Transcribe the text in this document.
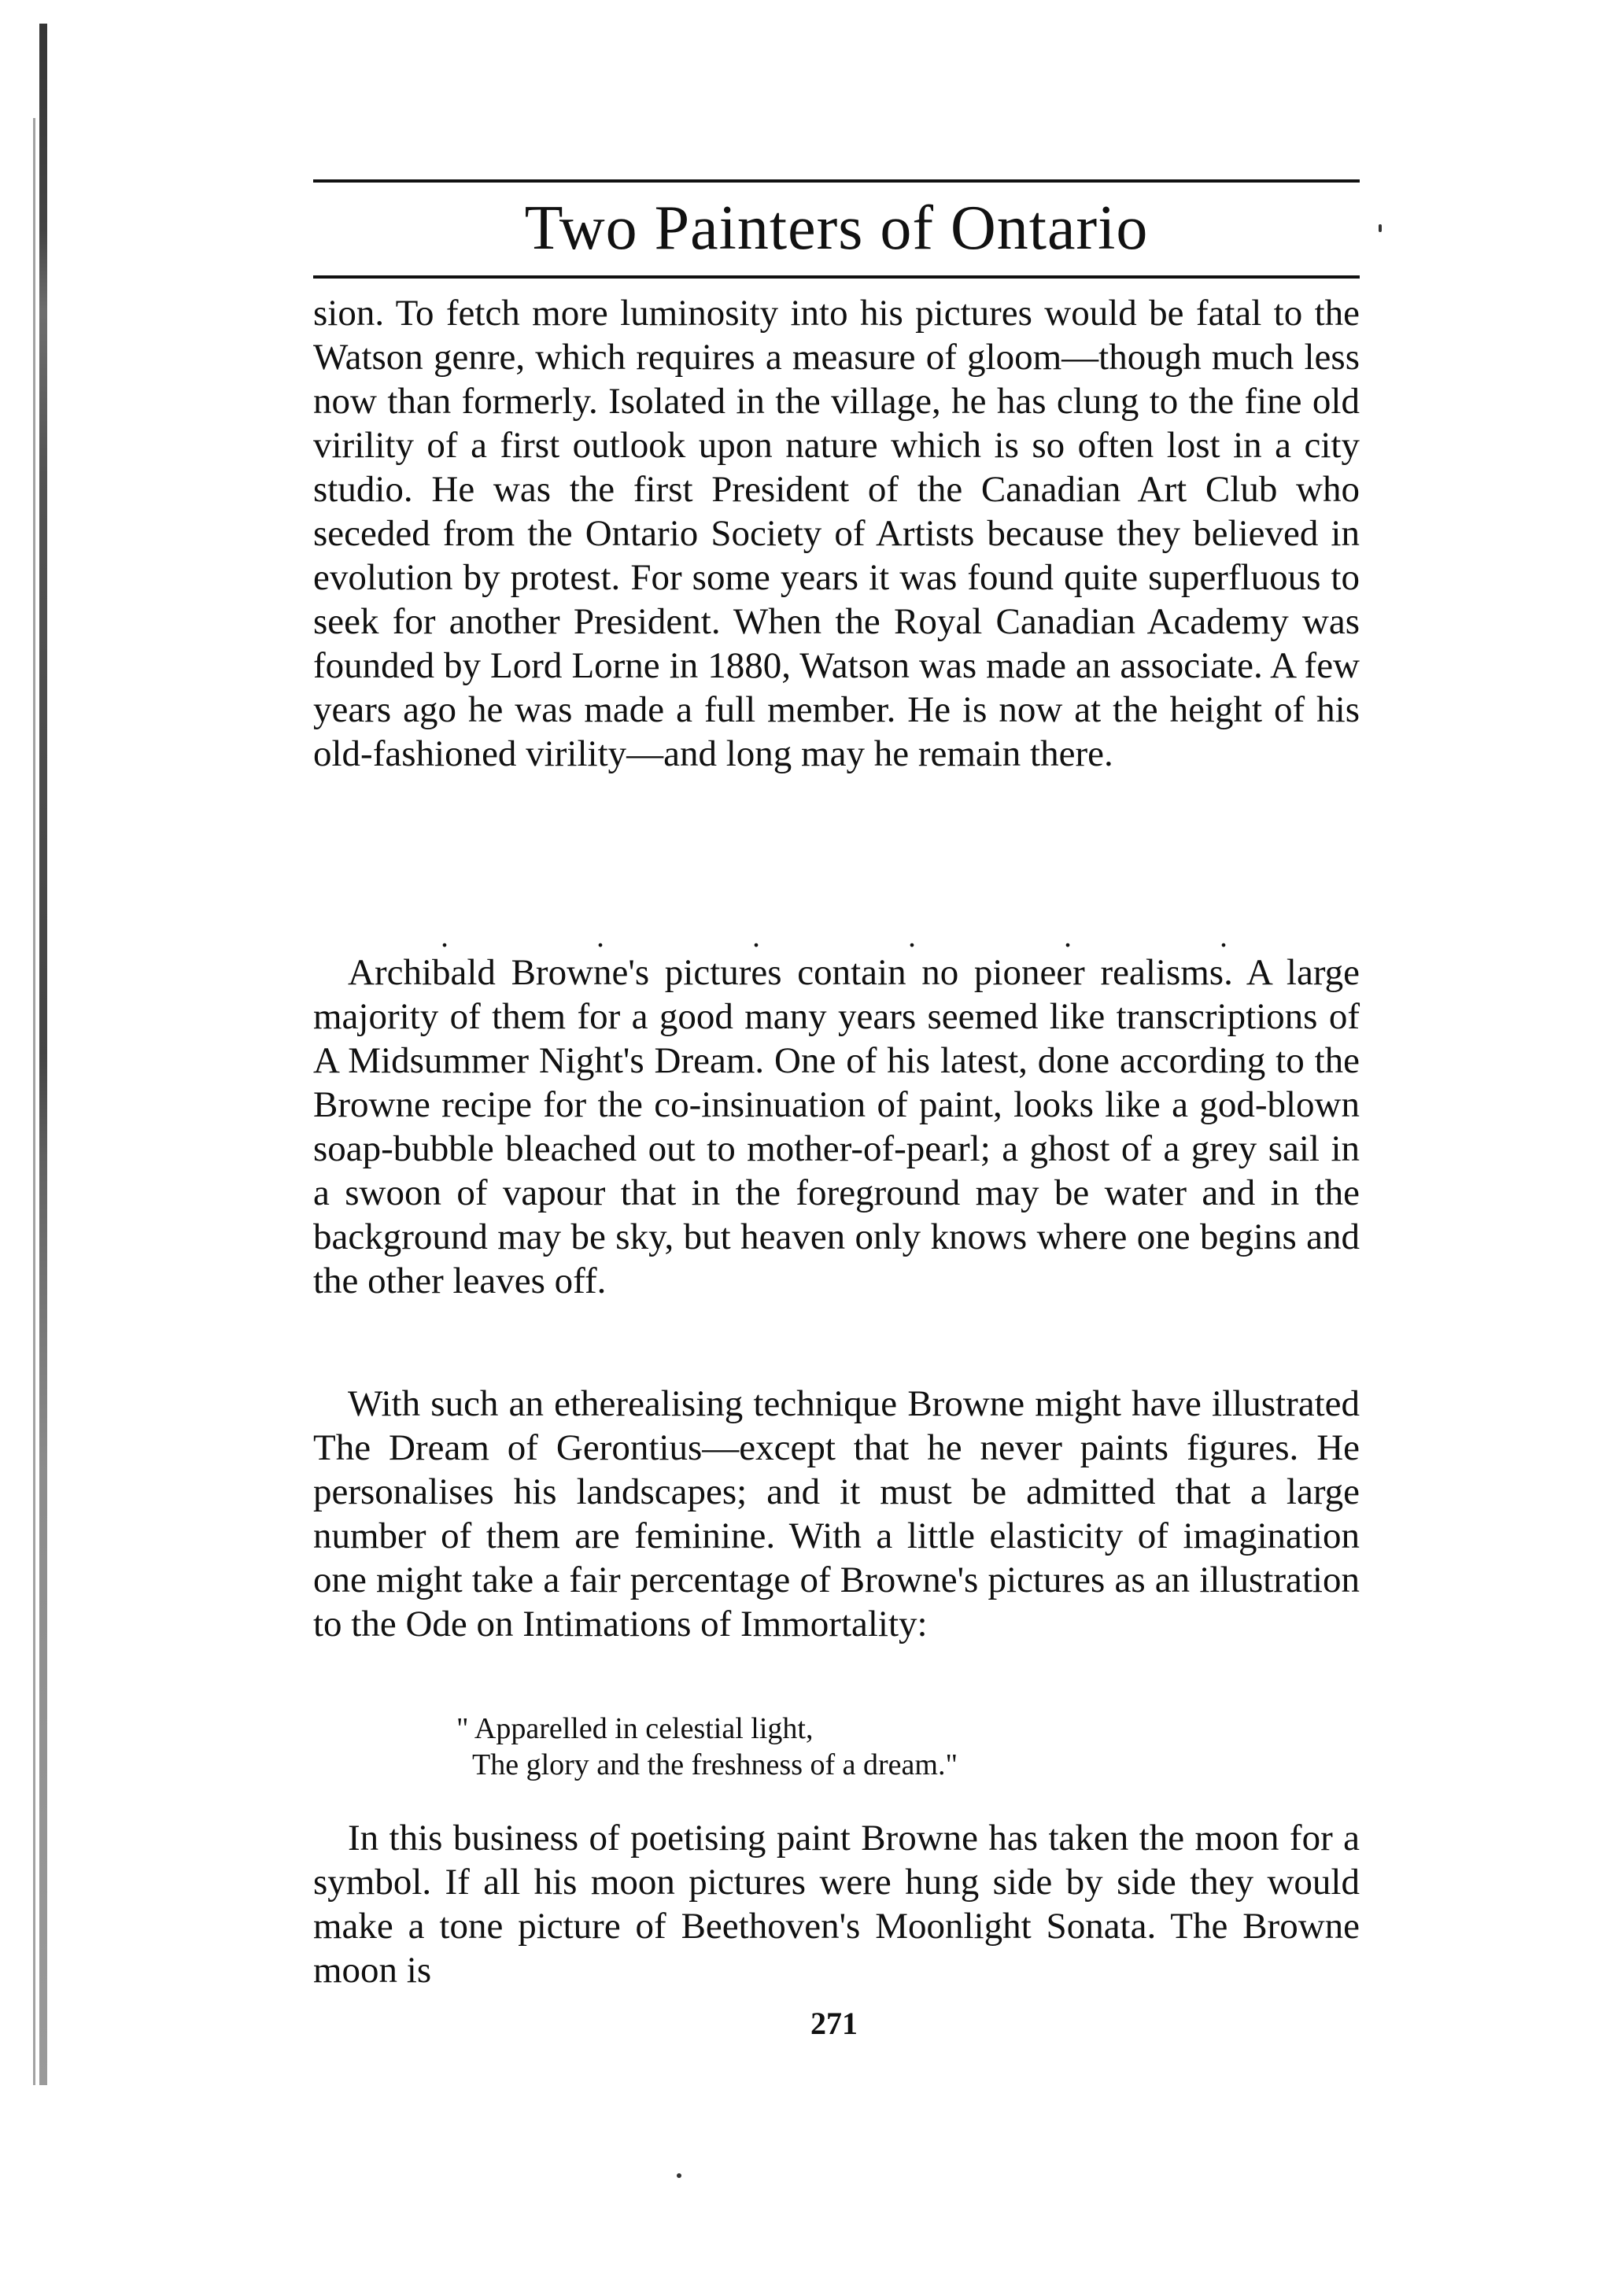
Two Painters of Ontario
sion. To fetch more luminosity into his pictures would be fatal to the Watson genre, which requires a measure of gloom—though much less now than formerly. Isolated in the village, he has clung to the fine old virility of a first outlook upon nature which is so often lost in a city studio. He was the first President of the Canadian Art Club who seceded from the Ontario Society of Artists because they believed in evolution by protest. For some years it was found quite superfluous to seek for another President. When the Royal Canadian Academy was founded by Lord Lorne in 1880, Watson was made an associate. A few years ago he was made a full member. He is now at the height of his old-fashioned virility—and long may he remain there.
.	.	.	.	.	.
Archibald Browne's pictures contain no pioneer realisms. A large majority of them for a good many years seemed like transcriptions of A Midsummer Night's Dream. One of his latest, done according to the Browne recipe for the co-insinuation of paint, looks like a god-blown soap-bubble bleached out to mother-of-pearl; a ghost of a grey sail in a swoon of vapour that in the foreground may be water and in the background may be sky, but heaven only knows where one begins and the other leaves off.
With such an etherealising technique Browne might have illustrated The Dream of Gerontius—except that he never paints figures. He personalises his landscapes; and it must be admitted that a large number of them are feminine. With a little elasticity of imagination one might take a fair percentage of Browne's pictures as an illustration to the Ode on Intimations of Immortality:
" Apparelled in celestial light,
The glory and the freshness of a dream."
In this business of poetising paint Browne has taken the moon for a symbol. If all his moon pictures were hung side by side they would make a tone picture of Beethoven's Moonlight Sonata. The Browne moon is
271
